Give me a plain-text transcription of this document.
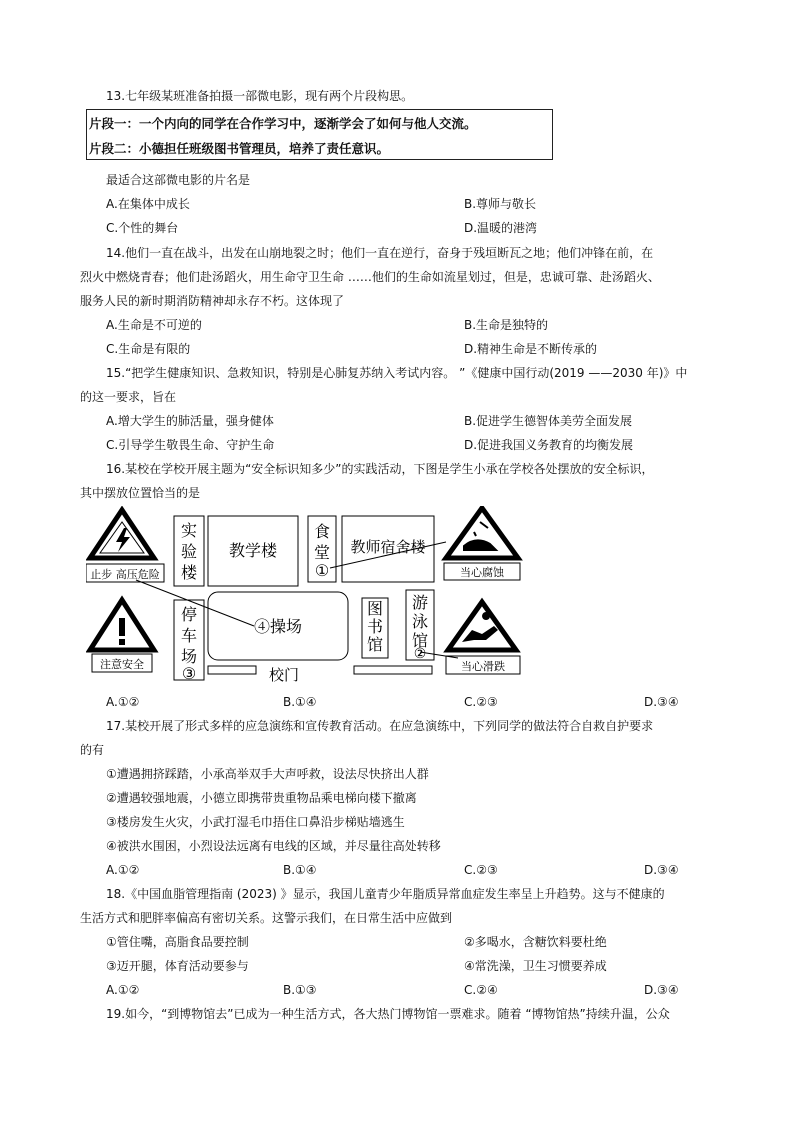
13.七年级某班准备拍摄一部微电影，现有两个片段构思。
片段一：一个内向的同学在合作学习中，逐渐学会了如何与他人交流。
片段二：小德担任班级图书管理员，培养了责任意识。
最适合这部微电影的片名是
A.在集体中成长	B.尊师与敬长
C.个性的舞台	D.温暖的港湾
14.他们一直在战斗，出发在山崩地裂之时；他们一直在逆行，奋身于残垣断瓦之地；他们冲锋在前，在
烈火中燃烧青春；他们赴汤蹈火，用生命守卫生命 ……他们的生命如流星划过，但是，忠诚可靠、赴汤蹈火、
服务人民的新时期消防精神却永存不朽。这体现了
A.生命是不可逆的	B.生命是独特的
C.生命是有限的	D.精神生命是不断传承的
15.“把学生健康知识、急救知识，特别是心肺复苏纳入考试内容。 ”《健康中国行动(2019 ——2030 年)》中
的这一要求，旨在
A.增大学生的肺活量，强身健体	B.促进学生德智体美劳全面发展
C.引导学生敬畏生命、守护生命	D.促进我国义务教育的均衡发展
16.某校在学校开展主题为“安全标识知多少”的实践活动，下图是学生小承在学校各处摆放的安全标识，
其中摆放位置恰当的是
止步 高压危险	当心腐蚀
注意安全	当心滑跌
实
验
楼
教学楼
食
堂
①
教师宿舍楼
停
车
场
③
④操场
图
书
馆
游
泳
馆
②
校门
A.①②	B.①④	C.②③	D.③④
17.某校开展了形式多样的应急演练和宣传教育活动。在应急演练中，下列同学的做法符合自救自护要求
的有
①遭遇拥挤踩踏，小承高举双手大声呼救，设法尽快挤出人群
②遭遇较强地震，小德立即携带贵重物品乘电梯向楼下撤离
③楼房发生火灾，小武打湿毛巾捂住口鼻沿步梯贴墙逃生
④被洪水围困，小烈设法远离有电线的区域，并尽量往高处转移
A.①②	B.①④	C.②③	D.③④
18.《中国血脂管理指南 (2023) 》显示，我国儿童青少年脂质异常血症发生率呈上升趋势。这与不健康的
生活方式和肥胖率偏高有密切关系。这警示我们，在日常生活中应做到
①管住嘴，高脂食品要控制	②多喝水，含糖饮料要杜绝
③迈开腿，体育活动要参与	④常洗澡，卫生习惯要养成
A.①②	B.①③	C.②④	D.③④
19.如今，“到博物馆去”已成为一种生活方式，各大热门博物馆一票难求。随着 “博物馆热”持续升温，公众
